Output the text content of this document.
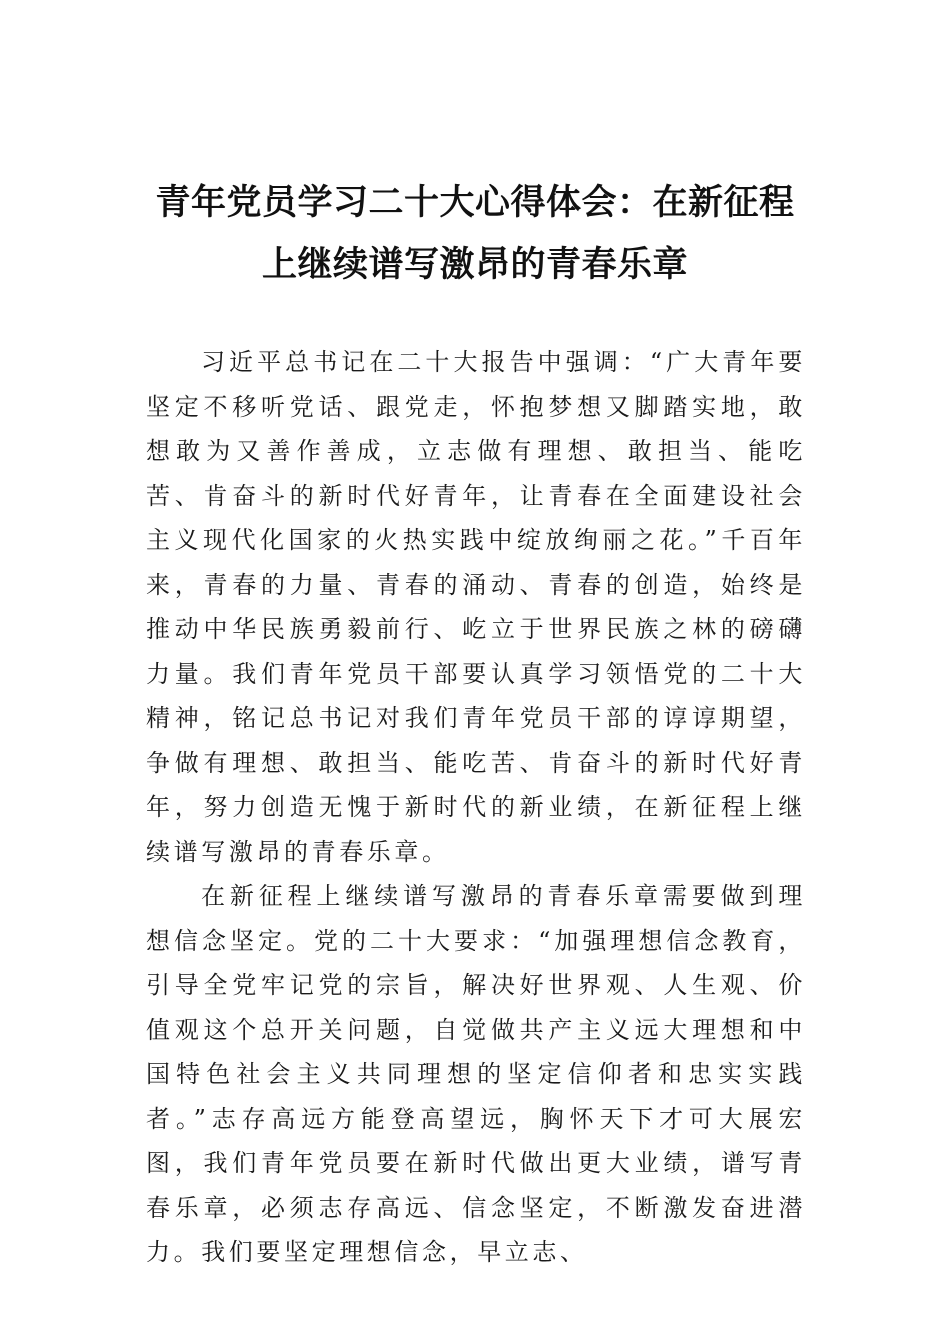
青年党员学习二十大心得体会：在新征程
上继续谱写激昂的青春乐章

习近平总书记在二十大报告中强调：“广大青年要坚定不移听党话、跟党走，怀抱梦想又脚踏实地，敢想敢为又善作善成，立志做有理想、敢担当、能吃苦、肯奋斗的新时代好青年，让青春在全面建设社会主义现代化国家的火热实践中绽放绚丽之花。”千百年来，青春的力量、青春的涌动、青春的创造，始终是推动中华民族勇毅前行、屹立于世界民族之林的磅礴力量。我们青年党员干部要认真学习领悟党的二十大精神，铭记总书记对我们青年党员干部的谆谆期望，争做有理想、敢担当、能吃苦、肯奋斗的新时代好青年，努力创造无愧于新时代的新业绩，在新征程上继续谱写激昂的青春乐章。

在新征程上继续谱写激昂的青春乐章需要做到理想信念坚定。党的二十大要求：“加强理想信念教育，引导全党牢记党的宗旨，解决好世界观、人生观、价值观这个总开关问题，自觉做共产主义远大理想和中国特色社会主义共同理想的坚定信仰者和忠实实践者。”志存高远方能登高望远，胸怀天下才可大展宏图，我们青年党员要在新时代做出更大业绩，谱写青春乐章，必须志存高远、信念坚定，不断激发奋进潜力。我们要坚定理想信念，早立志、
